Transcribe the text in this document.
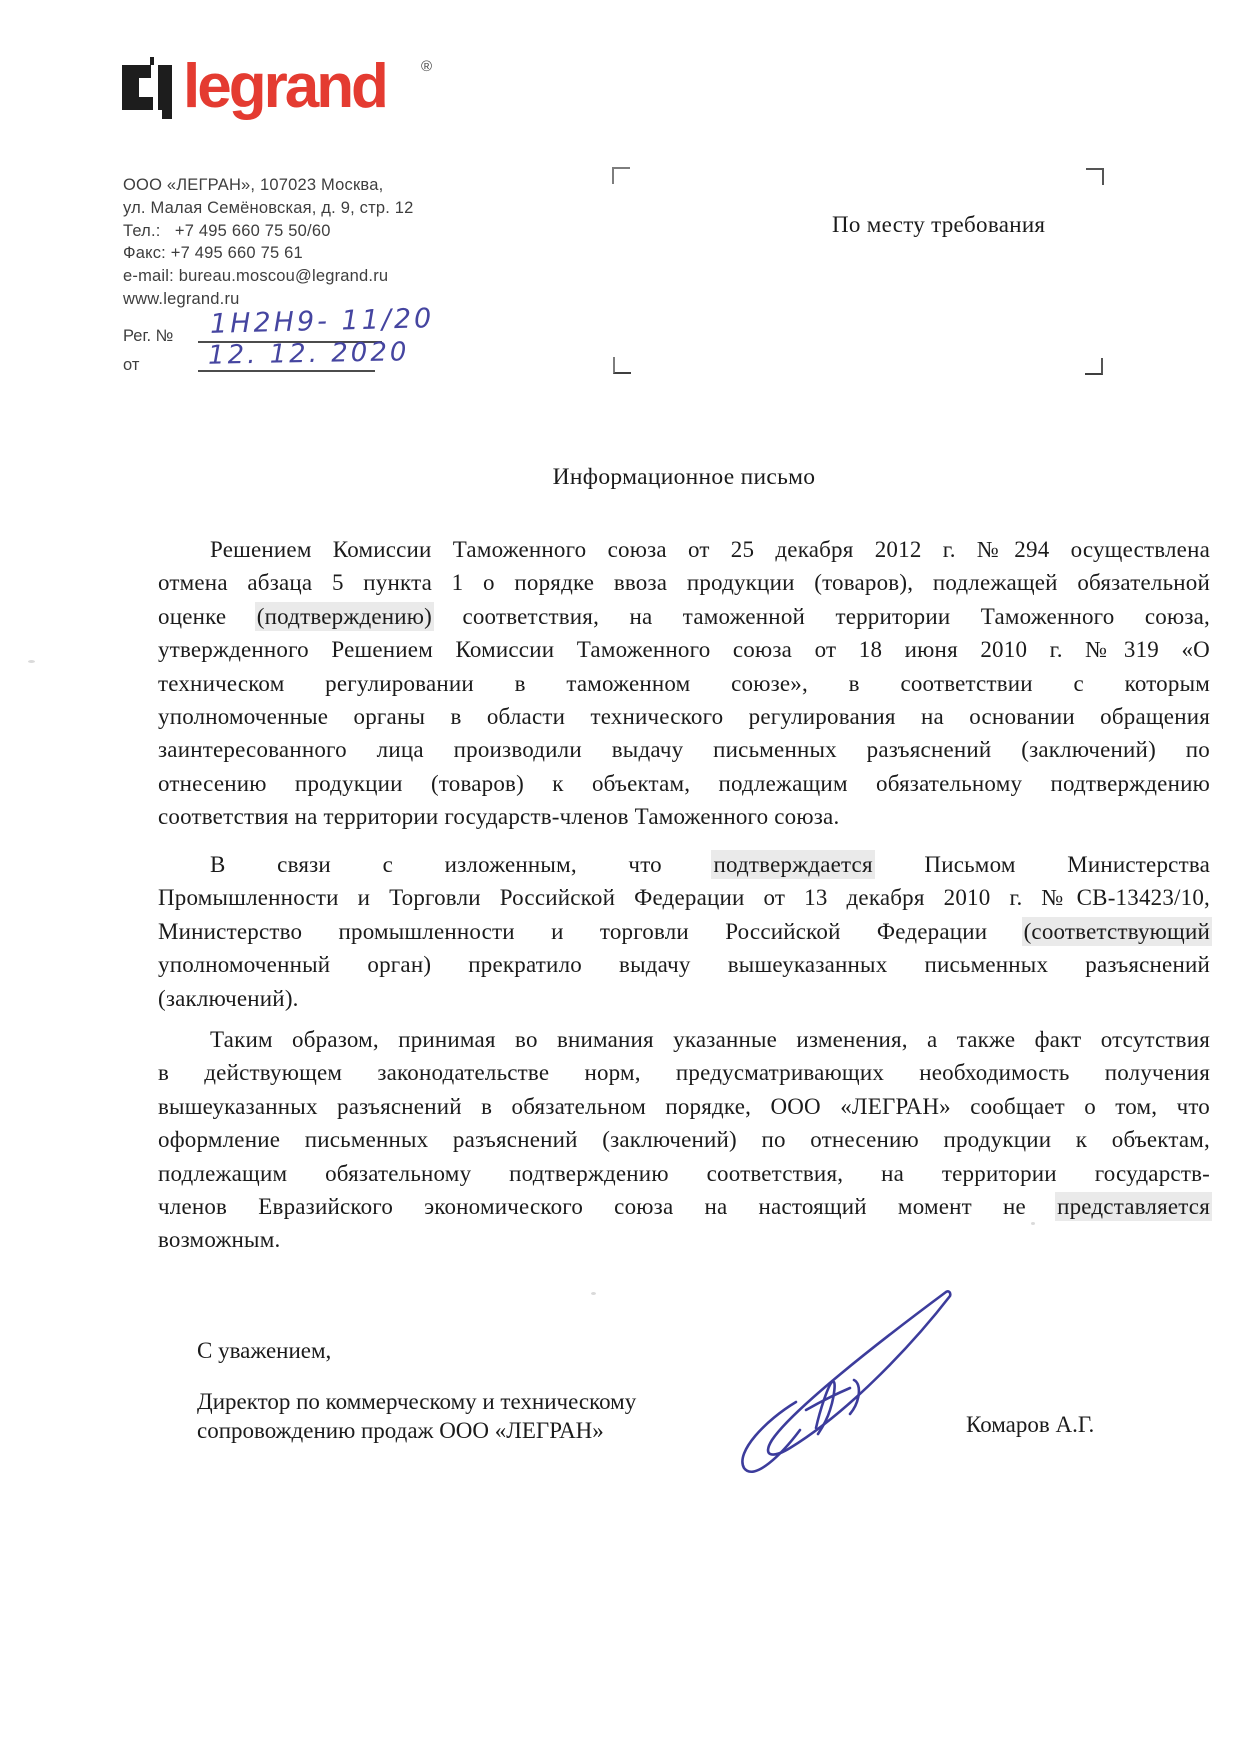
legrand ®
ООО «ЛЕГРАН», 107023 Москва,
ул. Малая Семёновская, д. 9, стр. 12
Тел.:   +7 495 660 75 50/60
Факс: +7 495 660 75 61
e-mail: bureau.moscou@legrand.ru
www.legrand.ru
Рег. № 1Н2Н9- 11/20
от	12. 12. 2020
По месту требования
Информационное письмо
Решением Комиссии Таможенного союза от 25 декабря 2012 г. №294 осуществлена
отмена абзаца 5 пункта 1 о порядке ввоза продукции (товаров), подлежащей обязательной
оценке (подтверждению) соответствия, на таможенной территории Таможенного союза,
утвержденного Решением Комиссии Таможенного союза от 18 июня 2010 г. №319 «О
техническом регулировании в таможенном союзе», в соответствии с которым
уполномоченные органы в области технического регулирования на основании обращения
заинтересованного лица производили выдачу письменных разъяснений (заключений) по
отнесению продукции (товаров) к объектам, подлежащим обязательному подтверждению
соответствия на территории государств-членов Таможенного союза.
В связи с изложенным, что подтверждается Письмом Министерства
Промышленности и Торговли Российской Федерации от 13 декабря 2010 г. №СВ-13423/10,
Министерство промышленности и торговли Российской Федерации (соответствующий
уполномоченный орган) прекратило выдачу вышеуказанных письменных разъяснений
(заключений).
Таким образом, принимая во внимания указанные изменения, а также факт отсутствия
в действующем законодательстве норм, предусматривающих необходимость получения
вышеуказанных разъяснений в обязательном порядке, ООО «ЛЕГРАН» сообщает о том, что
оформление письменных разъяснений (заключений) по отнесению продукции к объектам,
подлежащим обязательному подтверждению соответствия, на территории государств-
членов Евразийского экономического союза на настоящий момент не представляется
возможным.
С уважением,
Директор по коммерческому и техническому
сопровождению продаж ООО «ЛЕГРАН»	Комаров А.Г.
